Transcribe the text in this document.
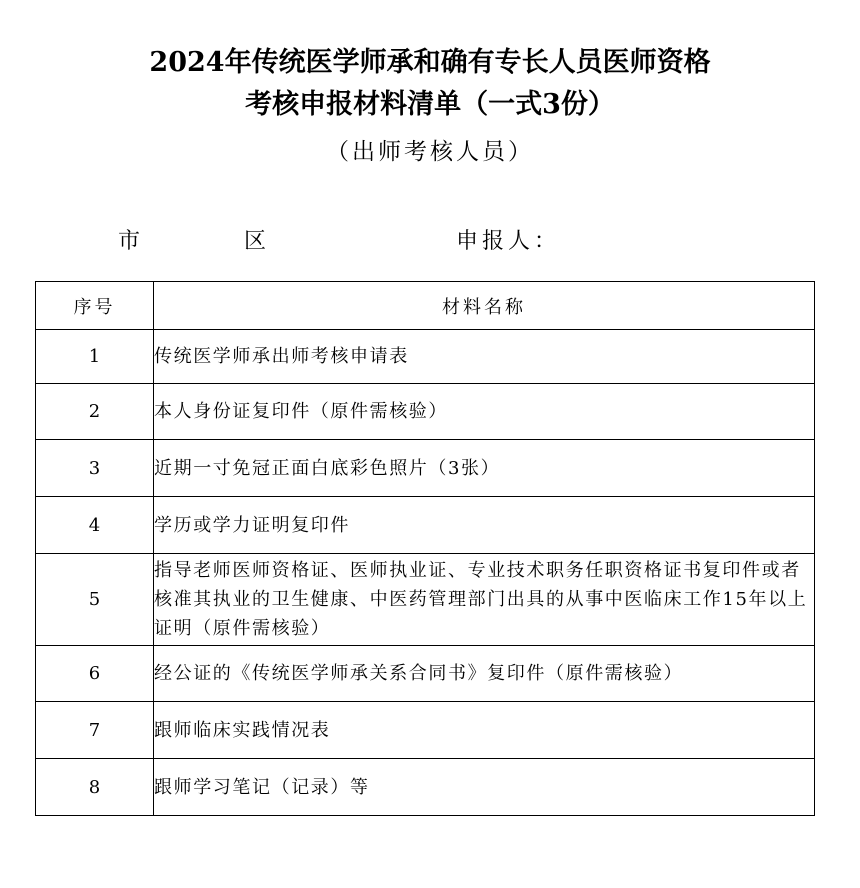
2024年传统医学师承和确有专长人员医师资格
考核申报材料清单（一式3份）
（出师考核人员）
市	区	申报人：
序号	材料名称
1	传统医学师承出师考核申请表
2	本人身份证复印件（原件需核验）
3	近期一寸免冠正面白底彩色照片（3张）
4	学历或学力证明复印件
5	指导老师医师资格证、医师执业证、专业技术职务任职资格证书复印件或者核准其执业的卫生健康、中医药管理部门出具的从事中医临床工作15年以上证明（原件需核验）
6	经公证的《传统医学师承关系合同书》复印件（原件需核验）
7	跟师临床实践情况表
8	跟师学习笔记（记录）等
